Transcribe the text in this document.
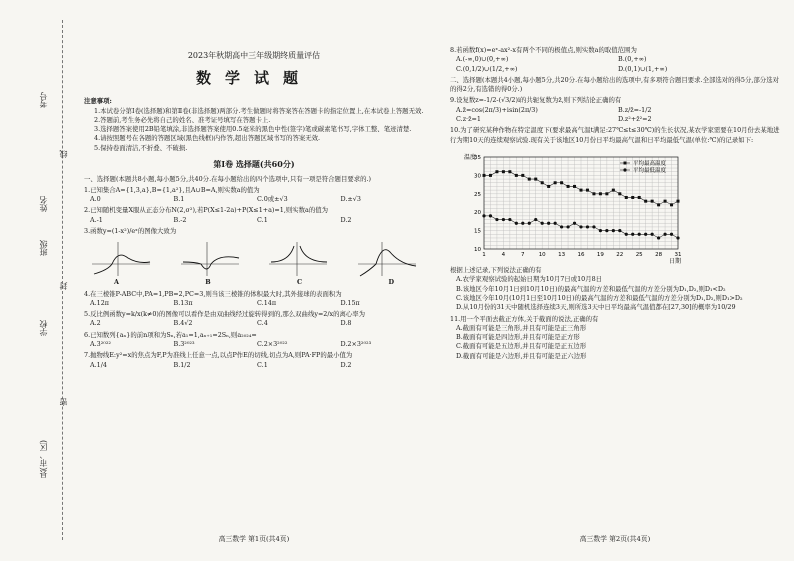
考号
姓名
班级
学校
县(市、区)
线
封
密
2023年秋期高中三年级期终质量评估
数学试题
注意事项:

1.本试卷分第Ⅰ卷(选择题)和第Ⅱ卷(非选择题)两部分.考生做题时将答案答在答题卡的指定位置上,在本试卷上答题无效.

2.答题前,考生务必先将自己的姓名、准考证号填写在答题卡上.

3.选择题答案使用2B铅笔填涂,非选择题答案使用0.5毫米的黑色中性(签字)笔或碳素笔书写,字体工整、笔迹清楚.

4.请按照题号在各题的答题区域(黑色线框)内作答,超出答题区域书写的答案无效.

5.保持卷面清洁,不折叠、不破损.

第Ⅰ卷 选择题(共60分)
一、选择题(本题共8小题,每小题5分,共40分.在每小题给出的四个选项中,只有一项是符合题目要求的.)
1.已知集合A={1,3,a},B={1,a²},且A∪B=A,则实数a的值为
A.0	B.1	C.0或±√3	D.±√3
2.已知随机变量X服从正态分布N(2,σ²),若P(X≤1-2a)+P(X≤1+a)=1,则实数a的值为
A.-1	B.-2	C.1	D.2
3.函数y=(1-x²)/eˣ的图像大致为
A	B	C	D
4.在三棱锥P-ABC中,PA=1,PB=2,PC=3,则当该三棱锥的体积最大时,其外接球的表面积为
A.12π	B.13π	C.14π	D.15π
5.反比例函数y=k/x(k≠0)的图像可以看作是由双曲线经过旋转得到的,那么双曲线y=2/x的离心率为
A.2	B.4√2	C.4	D.8
6.已知数列{aₙ}的前n项和为Sₙ,若a₁=1,aₙ₊₁=2Sₙ,则a₂₀₂₄=
A.3²⁰²²	B.3²⁰²³	C.2×3²⁰²²	D.2×3²⁰²³
7.抛物线E:y²=x的焦点为F,P为准线上任意一点,以点P作E的切线,切点为A,则PA·FP的最小值为
A.1/4	B.1/2	C.1	D.2
高三数学 第1页(共4页)
8.若函数f(x)=eˣ-ax²-x有两个不同的极值点,则实数a的取值范围为
A.(-∞,0)∪(0,+∞)	B.(0,+∞)
C.(0,1/2)∪(1/2,+∞)	D.(0,1)∪(1,+∞)
二、选择题(本题共4小题,每小题5分,共20分.在每小题给出的选项中,有多项符合题目要求.全部选对的得5分,部分选对的得2分,有选错的得0分.)
9.设复数z=-1/2-(√3/2)i的共轭复数为z̄,则下列结论正确的有
A.z̄=cos(2π/3)+isin(2π/3)	B.z/z̄=-1/2
C.z·z̄=1	D.z²+z̄²=2
10.为了研究某种作物在特定温度下(要求最高气温t满足:27℃≤t≤30℃)的生长状况,某农学家需要在10月份去某地进行为期10天的连续观察试验.现有关于该地区10月份日平均最高气温和日平均最低气温(单位:℃)的记录如下:
10
15
20
25
30
35
1	4	7	10 13 16 19 22 25 28 31
温度
日期
平均最高温度
平均最低温度
根据上述记录,下列说法正确的有
A.农学家观察试验的起始日期为10月7日或10月8日
B.该地区今年10月1日到10月10日)的最高气温的方差和最低气温的方差分别为D₁,D₂,则D₁<D₂
C.该地区今年10月(10月1日至10月10日)的最高气温的方差和最低气温的方差分别为D₁,D₂,则D₁>D₂
D.从10月份的31天中随机选择连续3天,则所选3天中日平均最高气温值都在[27,30]的概率为10/29
11.用一个平面去截正方体,关于截面的说法,正确的有
A.截面有可能是三角形,并且有可能是正三角形
B.截面有可能是四边形,并且有可能是正方形
C.截面有可能是五边形,并且有可能是正五边形
D.截面有可能是六边形,并且有可能是正六边形
高三数学 第2页(共4页)
